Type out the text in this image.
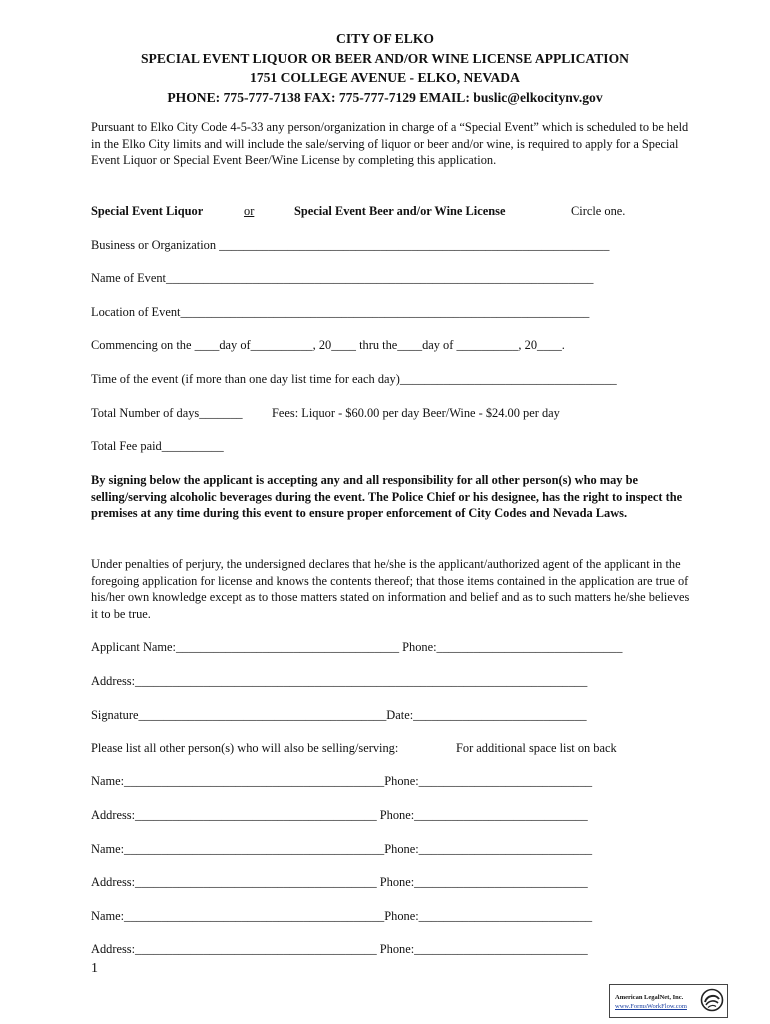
CITY OF ELKO
SPECIAL EVENT LIQUOR OR BEER AND/OR WINE LICENSE APPLICATION
1751 COLLEGE AVENUE - ELKO, NEVADA
PHONE: 775-777-7138 FAX: 775-777-7129 EMAIL: buslic@elkocitynv.gov
Pursuant to Elko City Code 4-5-33 any person/organization in charge of a “Special Event” which is scheduled to be held in the Elko City limits and will include the sale/serving of liquor or beer and/or wine, is required to apply for a Special Event Liquor or Special Event Beer/Wine License by completing this application.
Special Event Liquor	or	Special Event Beer and/or Wine License	Circle one.
Business or Organization _______________________________________________________________
Name of Event_____________________________________________________________________
Location of Event__________________________________________________________________
Commencing on the ____day of__________, 20____ thru the____day of __________, 20____.
Time of the event (if more than one day list time for each day)___________________________________
Total Number of days_______ Fees: Liquor - $60.00 per day Beer/Wine - $24.00 per day
Total Fee paid__________
By signing below the applicant is accepting any and all responsibility for all other person(s) who may be selling/serving alcoholic beverages during the event. The Police Chief or his designee, has the right to inspect the premises at any time during this event to ensure proper enforcement of City Codes and Nevada Laws.
Under penalties of perjury, the undersigned declares that he/she is the applicant/authorized agent of the applicant in the foregoing application for license and knows the contents thereof; that those items contained in the application are true of his/her own knowledge except as to those matters stated on information and belief and as to such matters he/she believes it to be true.
Applicant Name:____________________________________ Phone:______________________________
Address:_________________________________________________________________________
Signature________________________________________Date:____________________________
Please list all other person(s) who will also be selling/serving:	For additional space list on back
Name:__________________________________________Phone:____________________________
Address:_______________________________________ Phone:____________________________
Name:__________________________________________Phone:____________________________
Address:_______________________________________ Phone:____________________________
Name:__________________________________________Phone:____________________________
Address:_______________________________________ Phone:____________________________
1
American LegalNet, Inc.
www.FormsWorkFlow.com
